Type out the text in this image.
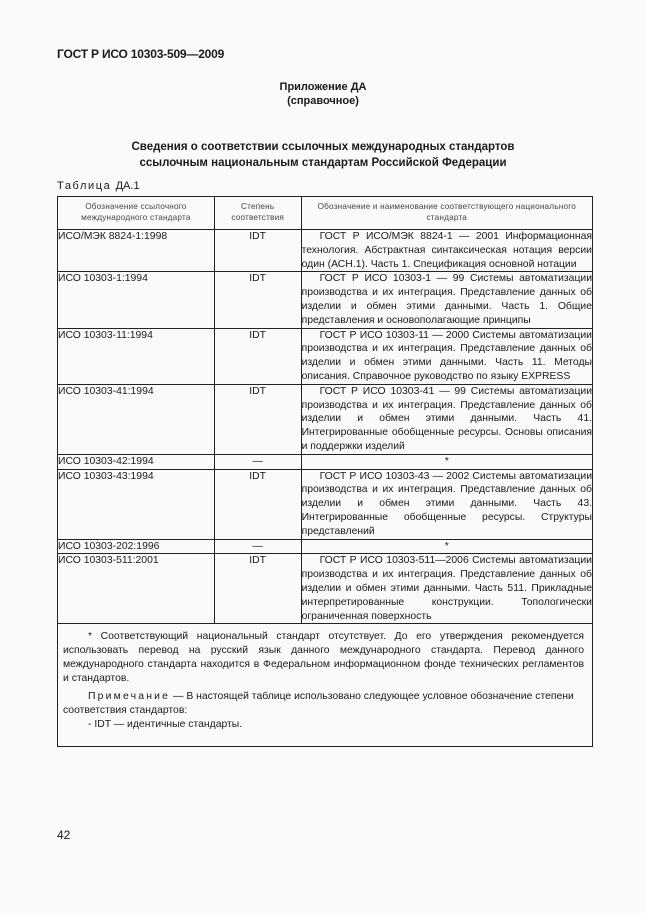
ГОСТ Р ИСО 10303-509—2009
Приложение ДА
(справочное)
Сведения о соответствии ссылочных международных стандартов
ссылочным национальным стандартам Российской Федерации
Таблица ДА.1
Обозначение ссылочного международного стандарта	Степень соответствия	Обозначение и наименование соответствующего национального стандарта
ИСО/МЭК 8824-1:1998	IDT	ГОСТ Р ИСО/МЭК 8824-1 — 2001 Информационная технология. Абстрактная синтаксическая нотация версии один (АСН.1). Часть 1. Спецификация основной нотации
ИСО 10303-1:1994	IDT	ГОСТ Р ИСО 10303-1 — 99 Системы автоматизации производства и их интеграция. Представление данных об изделии и обмен этими данными. Часть 1. Общие представления и основополагающие принципы
ИСО 10303-11:1994	IDT	ГОСТ Р ИСО 10303-11 — 2000 Системы автоматизации производства и их интеграция. Представление данных об изделии и обмен этими данными. Часть 11. Методы описания. Справочное руководство по языку EXPRESS
ИСО 10303-41:1994	IDT	ГОСТ Р ИСО 10303-41 — 99 Системы автоматизации производства и их интеграция. Представление данных об изделии и обмен этими данными. Часть 41. Интегрированные обобщенные ресурсы. Основы описания и поддержки изделий
ИСО 10303-42:1994	—	*
ИСО 10303-43:1994	IDT	ГОСТ Р ИСО 10303-43 — 2002 Системы автоматизации производства и их интеграция. Представление данных об изделии и обмен этими данными. Часть 43. Интегрированные обобщенные ресурсы. Структуры представлений
ИСО 10303-202:1996	—	*
ИСО 10303-511:2001	IDT	ГОСТ Р ИСО 10303-511—2006 Системы автоматизации производства и их интеграция. Представление данных об изделии и обмен этими данными. Часть 511. Прикладные интерпретированные конструкции. Топологически ограниченная поверхность

* Соответствующий национальный стандарт отсутствует. До его утверждения рекомендуется использовать перевод на русский язык данного международного стандарта. Перевод данного международного стандарта находится в Федеральном информационном фонде технических регламентов и стандартов.

Примечание — В настоящей таблице использовано следующее условное обозначение степени соответствия стандартов:

- IDT — идентичные стандарты.		

42
